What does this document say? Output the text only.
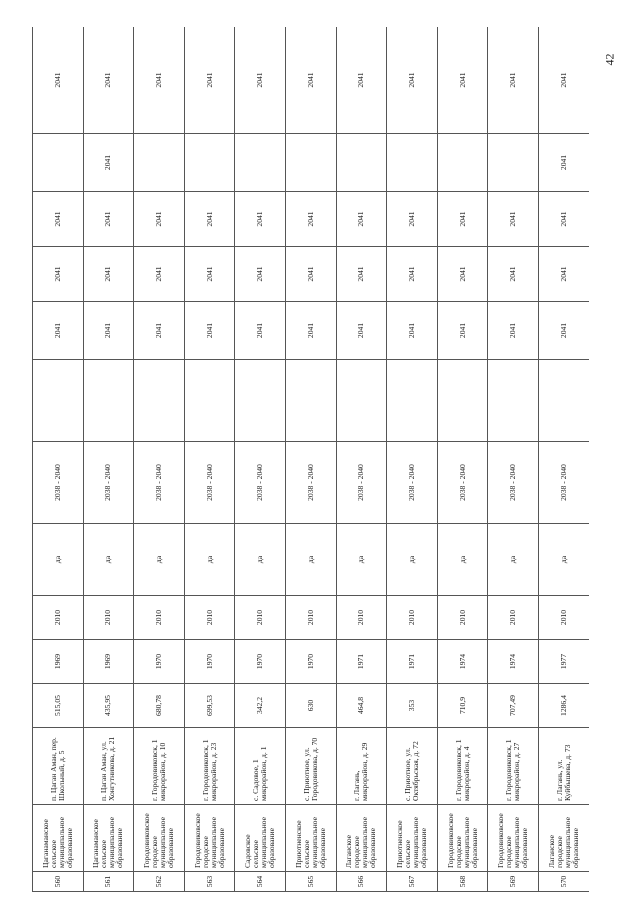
42
560	Цаганаманское сельское муниципальное образование	п. Цаган Аман, пер. Школьный, д. 5	515,05	1969	2010	да	2038 - 2040		2041	2041	2041		2041
561	Цаганаманское сельское муниципальное образование	п. Цаган Аман, ул. Хонгутникова, д. 21	435,95	1969	2010	да	2038 - 2040		2041	2041	2041	2041	2041
562	Городовиковское городское муниципальное образование	г. Городовиковск, 1 микрорайон, д. 10	680,78	1970	2010	да	2038 - 2040		2041	2041	2041		2041
563	Городовиковское городское муниципальное образование	г. Городовиковск, 1 микрорайон, д. 23	699,53	1970	2010	да	2038 - 2040		2041	2041	2041		2041
564	Садовское сельское муниципальное образование	с. Садовое, 1 микрорайон, д. 1	342,2	1970	2010	да	2038 - 2040		2041	2041	2041		2041
565	Приютненское сельское муниципальное образование	с. Приютное, ул. Городовикова, д. 70	630	1970	2010	да	2038 - 2040		2041	2041	2041		2041
566	Лаганское городское муниципальное образование	г. Лагань, микрорайон, д. 29	464,8	1971	2010	да	2038 - 2040		2041	2041	2041		2041
567	Приютненское сельское муниципальное образование	с. Приютное, ул. Октябрьская, д. 72	353	1971	2010	да	2038 - 2040		2041	2041	2041		2041
568	Городовиковское городское муниципальное образование	г. Городовиковск, 1 микрорайон, д. 4	710,9	1974	2010	да	2038 - 2040		2041	2041	2041		2041
569	Городовиковское городское муниципальное образование	г. Городовиковск, 1 микрорайон, д. 27	707,49	1974	2010	да	2038 - 2040		2041	2041	2041		2041
570	Лаганское городское муниципальное образование	г. Лагань, ул. Куйбышева, д. 73	1286,4	1977	2010	да	2038 - 2040		2041	2041	2041	2041	2041
